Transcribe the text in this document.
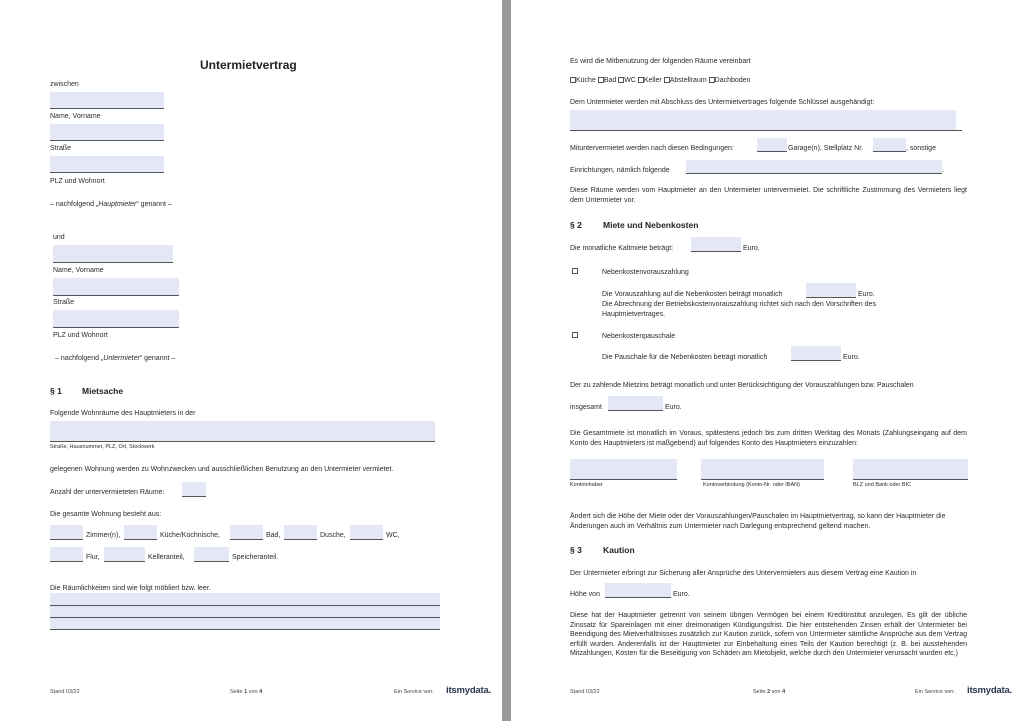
Untermietvertrag
zwischen
Name, Vorname
Straße
PLZ und Wohnort
– nachfolgend „Hauptmieter“ genannt –
und
Name, Vorname
Straße
PLZ und Wohnort
– nachfolgend „Untermieter“ genannt –
§ 1 Mietsache
Folgende Wohnräume des Hauptmieters in der
Straße, Hausnummer, PLZ, Ort, Stockwerk
gelegenen Wohnung werden zu Wohnzwecken und ausschließlichen Benutzung an den Untermieter vermietet.
Anzahl der untervermieteten Räume:
Die gesamte Wohnung besteht aus:
Zimmer(n),	Küche/Kochnische,	Bad,	Dusche,	WC,
Flur,	Kelleranteil,	Speicheranteil.
Die Räumlichkeiten sind wie folgt möbliert bzw. leer.
Stand 03/22	Seite 1 von 4	Ein Service von: itsmydata.
Es wird die Mitbenutzung der folgenden Räume vereinbart
Küche Bad WC Keller Abstellraum Dachboden
Dem Untermieter werden mit Abschluss des Untermietvertrages folgende Schlüssel ausgehändigt:
Mituntervermietet werden nach diesen Bedingungen:	Garage(n), Stellplatz Nr.	, sonstige
Einrichtungen, nämlich folgende	.
Diese Räume werden vom Hauptmieter an den Untermieter untervermietet. Die schriftliche Zustimmung des Vermieters liegt dem Untermieter vor.
§ 2 Miete und Nebenkosten
Die monatliche Kaltmiete beträgt:	Euro.
Nebenkostenvorauszahlung
Die Vorauszahlung auf die Nebenkosten beträgt monatlich	Euro.
Die Abrechnung der Betriebskostenvorauszahlung richtet sich nach den Vorschriften des Hauptmietvertrages.
Nebenkostenpauschale
Die Pauschale für die Nebenkosten beträgt monatlich	Euro.
Der zu zahlende Mietzins beträgt monatlich und unter Berücksichtigung der Vorauszahlungen bzw. Pauschalen
insgesamt	Euro.
Die Gesamtmiete ist monatlich im Voraus, spätestens jedoch bis zum dritten Werktag des Monats (Zahlungseingang auf dem Konto des Hauptmieters ist maßgebend) auf folgendes Konto des Hauptmieters einzuzahlen:
Kontoinhaber	Kontoverbindung (Konto-Nr. oder IBAN)	BLZ und Bank oder BIC
Ändert sich die Höhe der Miete oder der Vorauszahlungen/Pauschalen im Hauptmietvertrag, so kann der Hauptmieter die Änderungen auch im Verhältnis zum Untermieter nach Darlegung entsprechend geltend machen.
§ 3 Kaution
Der Untermieter erbringt zur Sicherung aller Ansprüche des Untervermieters aus diesem Vertrag eine Kaution in
Höhe von	Euro.
Diese hat der Hauptmieter getrennt von seinem übrigen Vermögen bei einem Kreditinstitut anzulegen. Es gilt der übliche Zinssatz für Spareinlagen mit einer dreimonatigen Kündigungsfrist. Die hier entstehenden Zinsen erhält der Untermieter bei Beendigung des Mietverhältnisses zusätzlich zur Kaution zurück, sofern von Untermieter sämtliche Ansprüche aus dem Vertrag erfüllt wurden. Anderenfalls ist der Hauptmieter zur Einbehaltung eines Teils der Kaution berechtigt (z. B. bei ausstehenden Mitzahlungen, Kosten für die Beseitigung von Schäden am Mietobjekt, welche durch den Untermieter verursacht wurden etc.)
Stand 03/22	Seite 2 von 4	Ein Service von: itsmydata.
